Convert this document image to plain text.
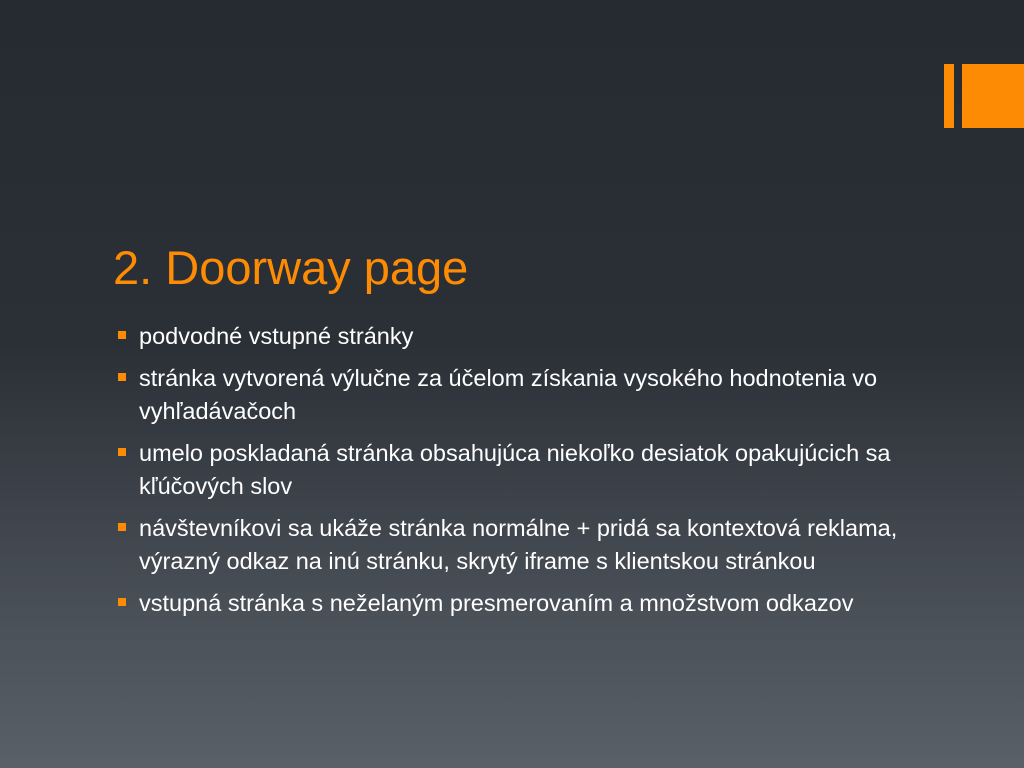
2. Doorway page
podvodné vstupné stránky
stránka vytvorená výlučne za účelom získania vysokého hodnotenia vo vyhľadávačoch
umelo poskladaná stránka obsahujúca niekoľko desiatok opakujúcich sa kľúčových slov
návštevníkovi sa ukáže stránka normálne + pridá sa kontextová reklama, výrazný odkaz na inú stránku, skrytý iframe s klientskou stránkou
vstupná stránka s neželaným presmerovaním a množstvom odkazov
